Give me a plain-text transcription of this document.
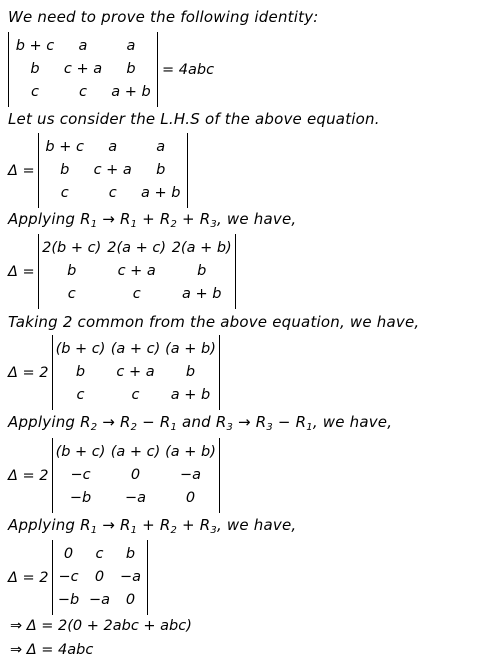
We need to prove the following identity:
b + c	a	a
b	c + a	b
c	c	a + b
= 4abc
Let us consider the L.H.S of the above equation.
Δ =
b + c	a	a
b	c + a	b
c	c	a + b
Applying $R_1 \to R_1 + R_2 + R_3$, we have,
Δ =
2(b + c) 2(a + c) 2(a + b)
b	c + a	b
c	c	a + b
Taking 2 common from the above equation, we have,
Δ = 2
(b + c) (a + c) (a + b)
b	c + a	b
c	c	a + b
Applying $R_2 \to R_2 - R_1$ and $R_3 \to R_3 - R_1$, we have,
Δ = 2
(b + c) (a + c) (a + b)
−c	0	−a
−b	−a	0
Applying $R_1 \to R_1 + R_2 + R_3$, we have,
Δ = 2
0	c	b
−c	0	−a
−b −a	0
⇒ Δ = 2(0 + 2abc + abc)
⇒ Δ = 4abc
